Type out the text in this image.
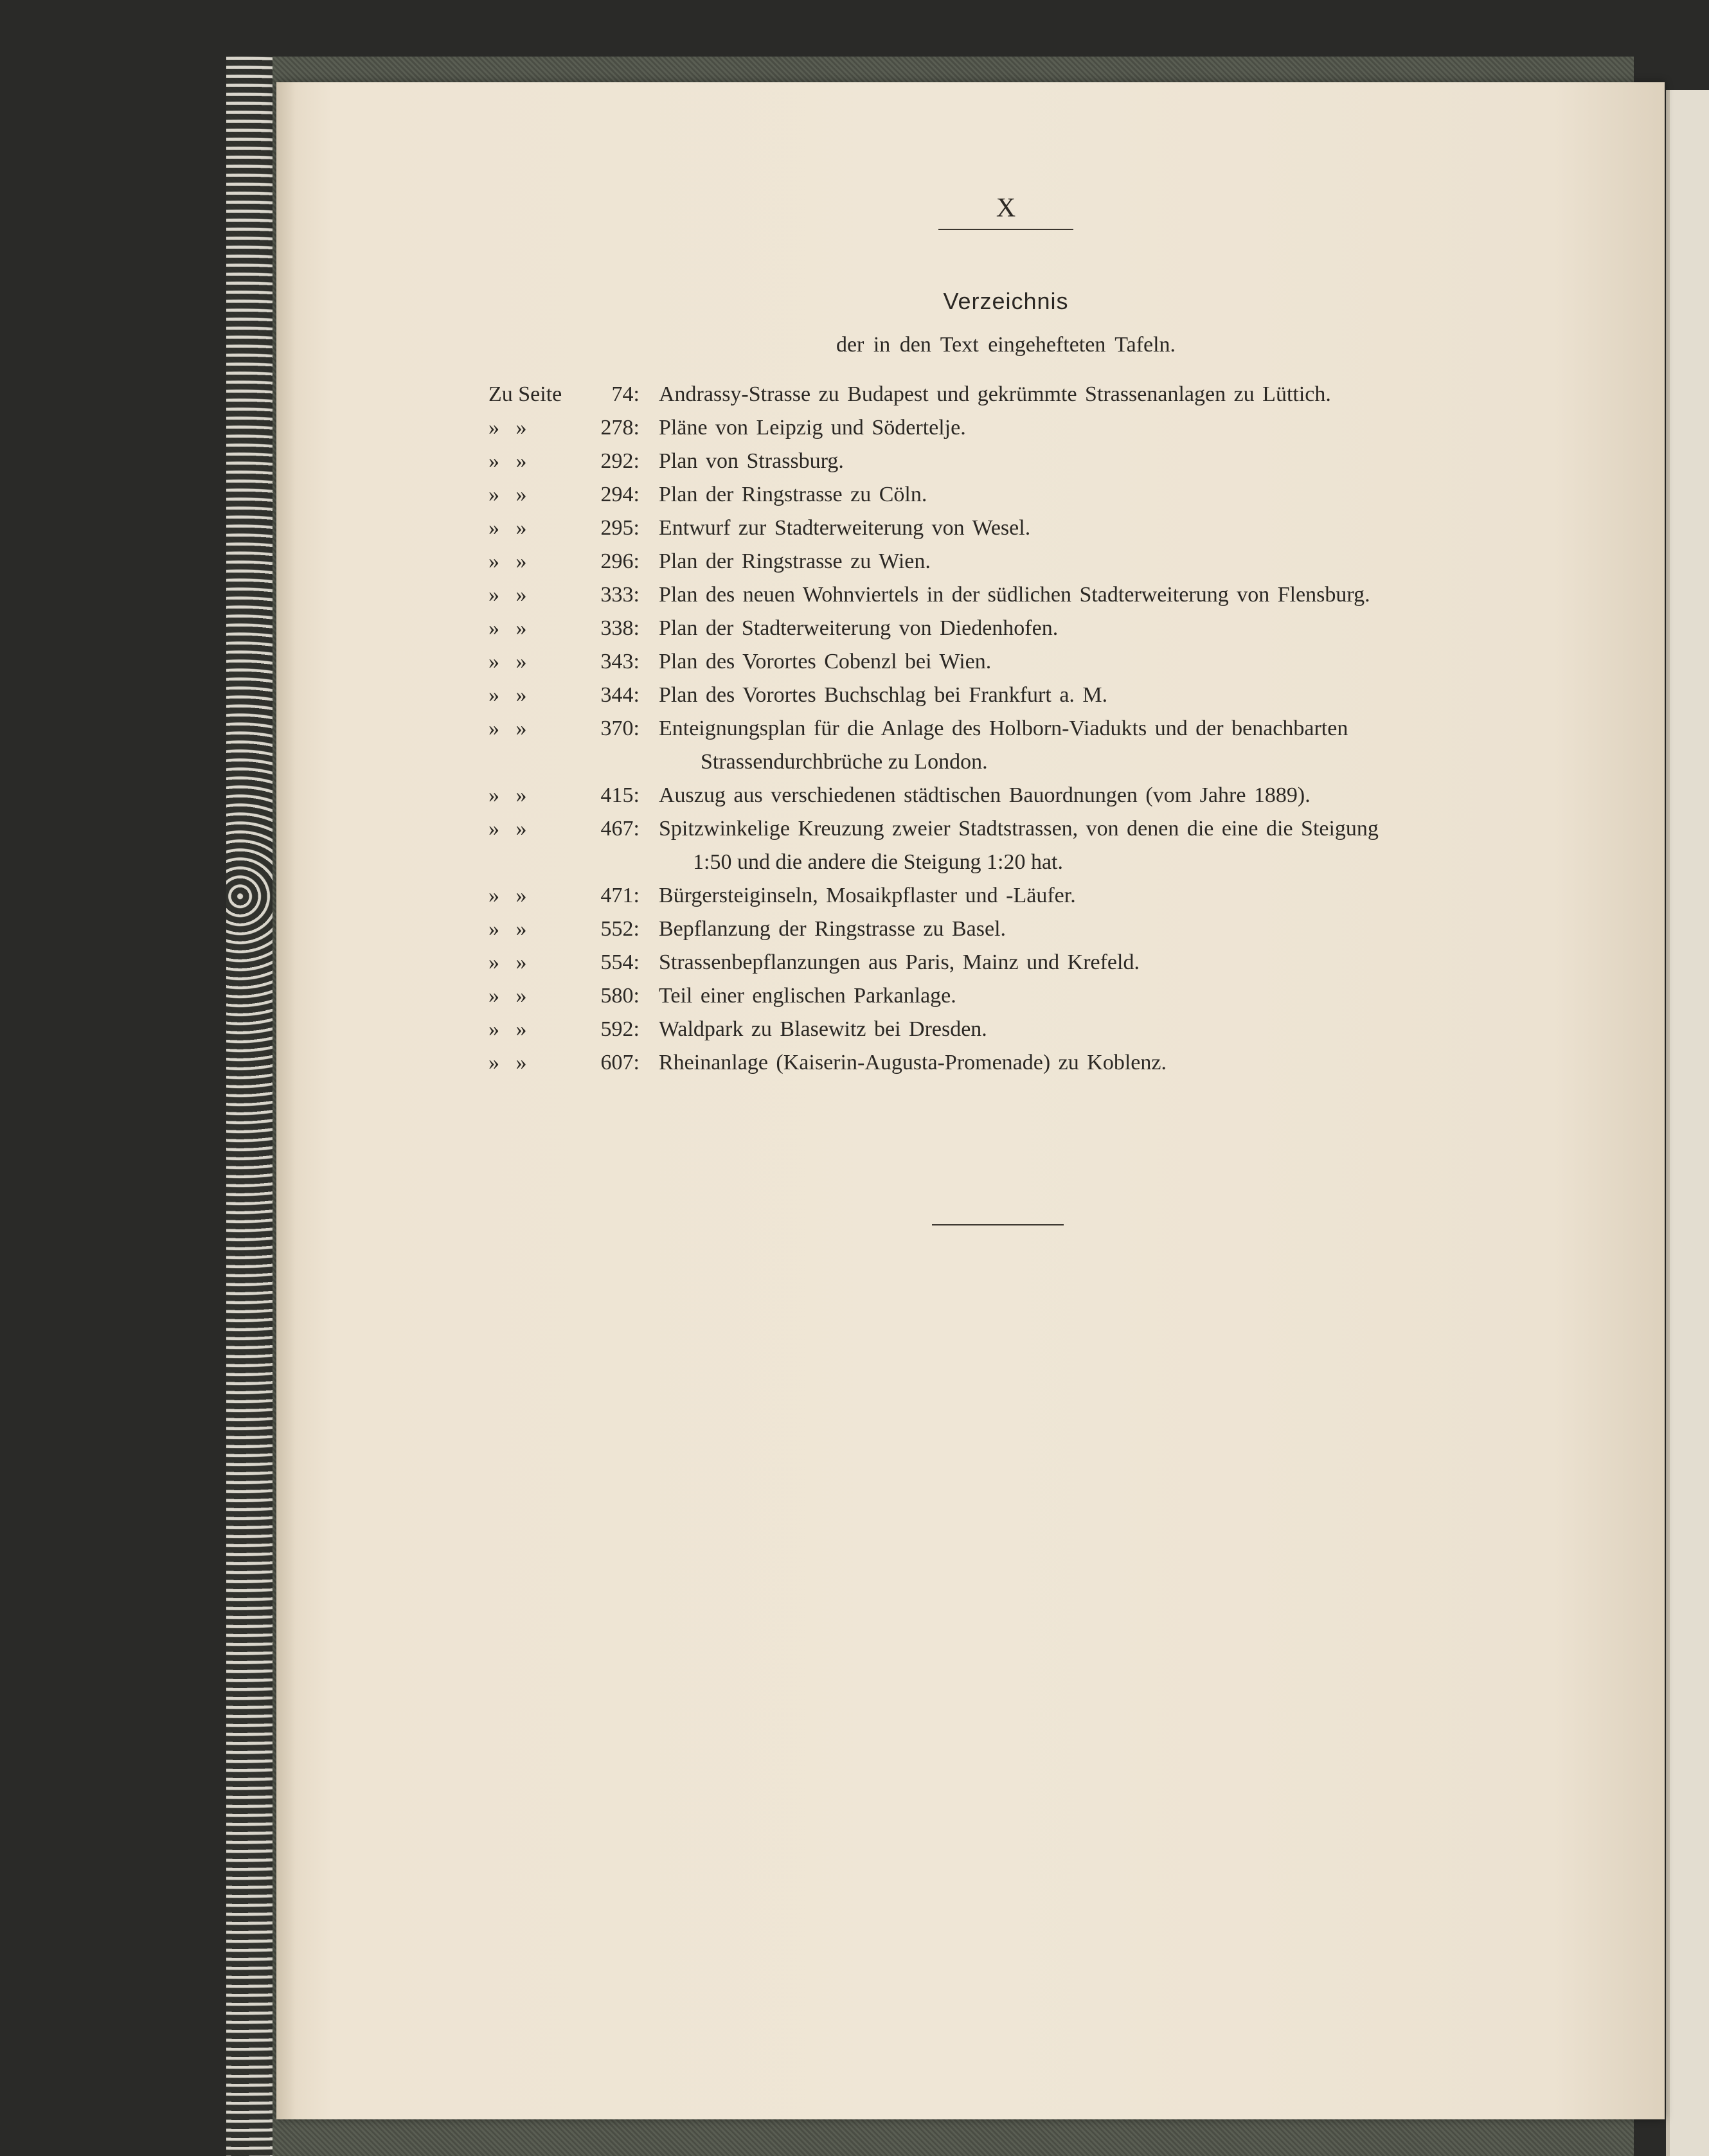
X
Verzeichnis
der in den Text eingehefteten Tafeln.
Zu Seite	74: Andrassy-Strasse zu Budapest und gekrümmte Strassenanlagen zu Lüttich.
»   »	278: Pläne von Leipzig und Södertelje.
»   »	292: Plan von Strassburg.
»   »	294: Plan der Ringstrasse zu Cöln.
»   »	295: Entwurf zur Stadterweiterung von Wesel.
»   »	296: Plan der Ringstrasse zu Wien.
»   »	333: Plan des neuen Wohnviertels in der südlichen Stadterweiterung von Flensburg.
»   »	338: Plan der Stadterweiterung von Diedenhofen.
»   »	343: Plan des Vorortes Cobenzl bei Wien.
»   »	344: Plan des Vorortes Buchschlag bei Frankfurt a. M.
»   »	370: Enteignungsplan für die Anlage des Holborn-Viadukts und der benachbarten
Strassendurchbrüche zu London.
»   »	415: Auszug aus verschiedenen städtischen Bauordnungen (vom Jahre 1889).
»   »	467: Spitzwinkelige Kreuzung zweier Stadtstrassen, von denen die eine die Steigung
1:50 und die andere die Steigung 1:20 hat.
»   »	471: Bürgersteiginseln, Mosaikpflaster und -Läufer.
»   »	552: Bepflanzung der Ringstrasse zu Basel.
»   »	554: Strassenbepflanzungen aus Paris, Mainz und Krefeld.
»   »	580: Teil einer englischen Parkanlage.
»   »	592: Waldpark zu Blasewitz bei Dresden.
»   »	607: Rheinanlage (Kaiserin-Augusta-Promenade) zu Koblenz.
